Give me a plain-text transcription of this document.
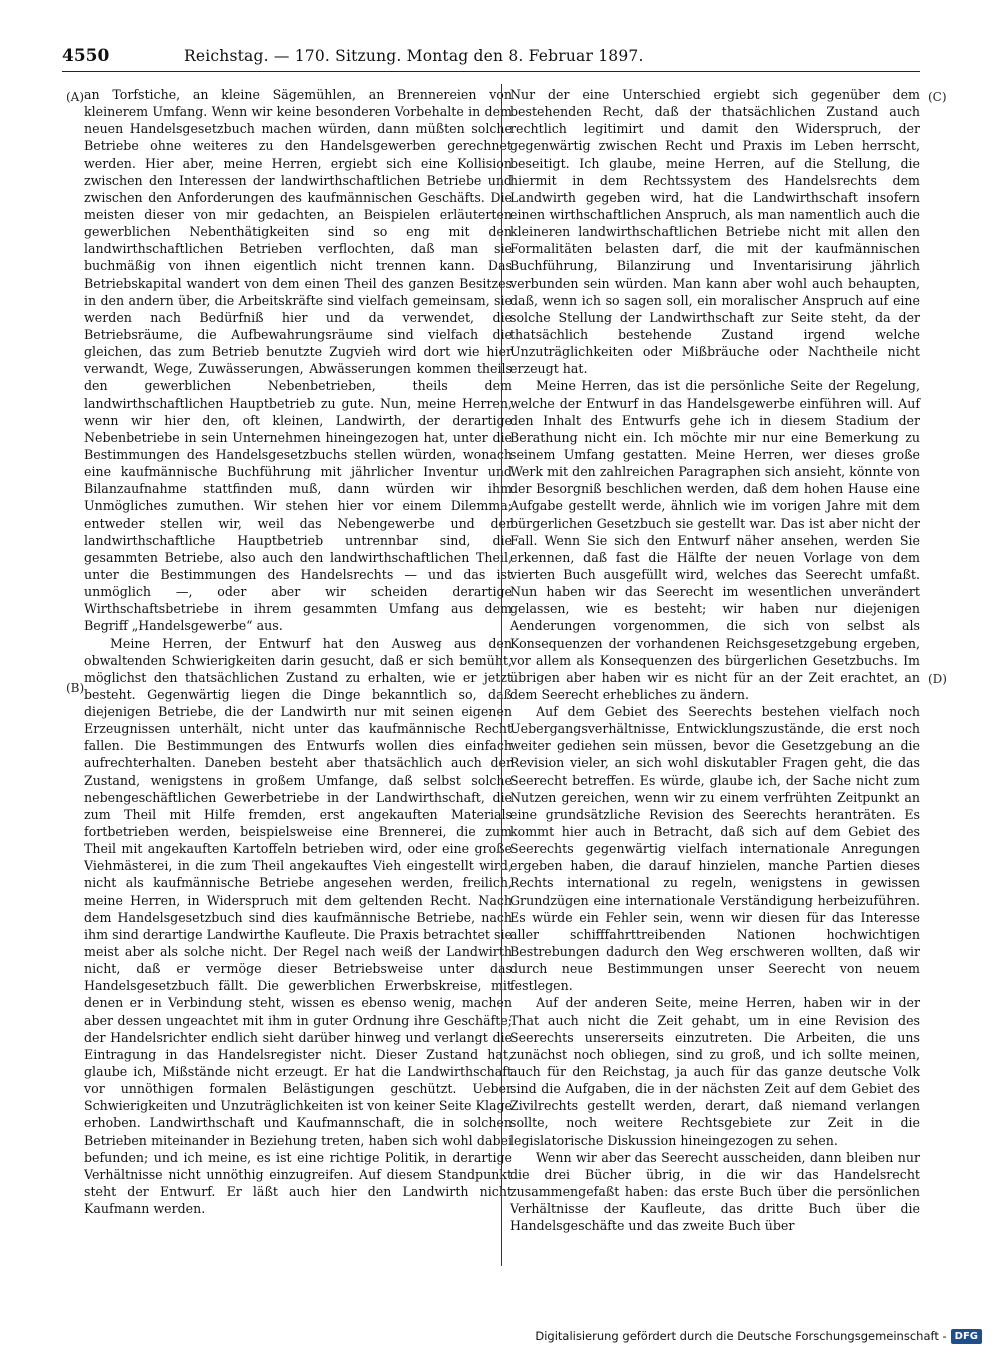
4550	Reichstag. — 170. Sitzung. Montag den 8. Februar 1897.
(A)
(B)
(C)
(D)

an Torfstiche, an kleine Sägemühlen, an Brennereien von kleinerem Umfang. Wenn wir keine besonderen Vorbehalte in dem neuen Handelsgesetzbuch machen würden, dann müßten solche Betriebe ohne weiteres zu den Handelsgewerben gerechnet werden. Hier aber, meine Herren, ergiebt sich eine Kollision zwischen den Interessen der landwirthschaftlichen Betriebe und zwischen den Anforderungen des kaufmännischen Geschäfts. Die meisten dieser von mir gedachten, an Beispielen erläuterten gewerblichen Nebenthätigkeiten sind so eng mit den landwirthschaftlichen Betrieben verflochten, daß man sie buchmäßig von ihnen eigentlich nicht trennen kann. Das Betriebskapital wandert von dem einen Theil des ganzen Besitzes in den andern über, die Arbeitskräfte sind vielfach gemeinsam, sie werden nach Bedürfniß hier und da verwendet, die Betriebsräume, die Aufbewahrungsräume sind vielfach die gleichen, das zum Betrieb benutzte Zugvieh wird dort wie hier verwandt, Wege, Zuwässerungen, Abwässerungen kommen theils den gewerblichen Nebenbetrieben, theils dem landwirthschaftlichen Hauptbetrieb zu gute. Nun, meine Herren, wenn wir hier den, oft kleinen, Landwirth, der derartige Nebenbetriebe in sein Unternehmen hineingezogen hat, unter die Bestimmungen des Handelsgesetzbuchs stellen würden, wonach eine kaufmännische Buchführung mit jährlicher Inventur und Bilanzaufnahme stattfinden muß, dann würden wir ihm Unmögliches zumuthen. Wir stehen hier vor einem Dilemma; entweder stellen wir, weil das Nebengewerbe und der landwirthschaftliche Hauptbetrieb untrennbar sind, die gesammten Betriebe, also auch den landwirthschaftlichen Theil, unter die Bestimmungen des Handelsrechts — und das ist unmöglich —, oder aber wir scheiden derartige Wirthschaftsbetriebe in ihrem gesammten Umfang aus dem Begriff „Handelsgewerbe“ aus.

Meine Herren, der Entwurf hat den Ausweg aus den obwaltenden Schwierigkeiten darin gesucht, daß er sich bemüht, möglichst den thatsächlichen Zustand zu erhalten, wie er jetzt besteht. Gegenwärtig liegen die Dinge bekanntlich so, daß diejenigen Betriebe, die der Landwirth nur mit seinen eigenen Erzeugnissen unterhält, nicht unter das kaufmännische Recht fallen. Die Bestimmungen des Entwurfs wollen dies einfach aufrechterhalten. Daneben besteht aber thatsächlich auch der Zustand, wenigstens in großem Umfange, daß selbst solche nebengeschäftlichen Gewerbetriebe in der Landwirthschaft, die zum Theil mit Hilfe fremden, erst angekauften Materials fortbetrieben werden, beispielsweise eine Brennerei, die zum Theil mit angekauften Kartoffeln betrieben wird, oder eine große Viehmästerei, in die zum Theil angekauftes Vieh eingestellt wird, nicht als kaufmännische Betriebe angesehen werden, freilich, meine Herren, in Widerspruch mit dem geltenden Recht. Nach dem Handelsgesetzbuch sind dies kaufmännische Betriebe, nach ihm sind derartige Landwirthe Kaufleute. Die Praxis betrachtet sie meist aber als solche nicht. Der Regel nach weiß der Landwirth nicht, daß er vermöge dieser Betriebsweise unter das Handelsgesetzbuch fällt. Die gewerblichen Erwerbskreise, mit denen er in Verbindung steht, wissen es ebenso wenig, machen aber dessen ungeachtet mit ihm in guter Ordnung ihre Geschäfte; der Handelsrichter endlich sieht darüber hinweg und verlangt die Eintragung in das Handelsregister nicht. Dieser Zustand hat, glaube ich, Mißstände nicht erzeugt. Er hat die Landwirthschaft vor unnöthigen formalen Belästigungen geschützt. Ueber Schwierigkeiten und Unzuträglichkeiten ist von keiner Seite Klage erhoben. Landwirthschaft und Kaufmannschaft, die in solchen Betrieben miteinander in Beziehung treten, haben sich wohl dabei befunden; und ich meine, es ist eine richtige Politik, in derartige Verhältnisse nicht unnöthig einzugreifen. Auf diesem Standpunkt steht der Entwurf. Er läßt auch hier den Landwirth nicht Kaufmann werden.

Nur der eine Unterschied ergiebt sich gegenüber dem bestehenden Recht, daß der thatsächlichen Zustand auch rechtlich legitimirt und damit den Widerspruch, der gegenwärtig zwischen Recht und Praxis im Leben herrscht, beseitigt. Ich glaube, meine Herren, auf die Stellung, die hiermit in dem Rechtssystem des Handelsrechts dem Landwirth gegeben wird, hat die Landwirthschaft insofern einen wirthschaftlichen Anspruch, als man namentlich auch die kleineren landwirthschaftlichen Betriebe nicht mit allen den Formalitäten belasten darf, die mit der kaufmännischen Buchführung, Bilanzirung und Inventarisirung jährlich verbunden sein würden. Man kann aber wohl auch behaupten, daß, wenn ich so sagen soll, ein moralischer Anspruch auf eine solche Stellung der Landwirthschaft zur Seite steht, da der thatsächlich bestehende Zustand irgend welche Unzuträglichkeiten oder Mißbräuche oder Nachtheile nicht erzeugt hat.

Meine Herren, das ist die persönliche Seite der Regelung, welche der Entwurf in das Handelsgewerbe einführen will. Auf den Inhalt des Entwurfs gehe ich in diesem Stadium der Berathung nicht ein. Ich möchte mir nur eine Bemerkung zu seinem Umfang gestatten. Meine Herren, wer dieses große Werk mit den zahlreichen Paragraphen sich ansieht, könnte von der Besorgniß beschlichen werden, daß dem hohen Hause eine Aufgabe gestellt werde, ähnlich wie im vorigen Jahre mit dem bürgerlichen Gesetzbuch sie gestellt war. Das ist aber nicht der Fall. Wenn Sie sich den Entwurf näher ansehen, werden Sie erkennen, daß fast die Hälfte der neuen Vorlage von dem vierten Buch ausgefüllt wird, welches das Seerecht umfaßt. Nun haben wir das Seerecht im wesentlichen unverändert gelassen, wie es besteht; wir haben nur diejenigen Aenderungen vorgenommen, die sich von selbst als Konsequenzen der vorhandenen Reichsgesetzgebung ergeben, vor allem als Konsequenzen des bürgerlichen Gesetzbuchs. Im übrigen aber haben wir es nicht für an der Zeit erachtet, an dem Seerecht erhebliches zu ändern.

Auf dem Gebiet des Seerechts bestehen vielfach noch Uebergangsverhältnisse, Entwicklungszustände, die erst noch weiter gediehen sein müssen, bevor die Gesetzgebung an die Revision vieler, an sich wohl diskutabler Fragen geht, die das Seerecht betreffen. Es würde, glaube ich, der Sache nicht zum Nutzen gereichen, wenn wir zu einem verfrühten Zeitpunkt an eine grundsätzliche Revision des Seerechts heranträten. Es kommt hier auch in Betracht, daß sich auf dem Gebiet des Seerechts gegenwärtig vielfach internationale Anregungen ergeben haben, die darauf hinzielen, manche Partien dieses Rechts international zu regeln, wenigstens in gewissen Grundzügen eine internationale Verständigung herbeizuführen. Es würde ein Fehler sein, wenn wir diesen für das Interesse aller schifffahrttreibenden Nationen hochwichtigen Bestrebungen dadurch den Weg erschweren wollten, daß wir durch neue Bestimmungen unser Seerecht von neuem festlegen.

Auf der anderen Seite, meine Herren, haben wir in der That auch nicht die Zeit gehabt, um in eine Revision des Seerechts unsererseits einzutreten. Die Arbeiten, die uns zunächst noch obliegen, sind zu groß, und ich sollte meinen, auch für den Reichstag, ja auch für das ganze deutsche Volk sind die Aufgaben, die in der nächsten Zeit auf dem Gebiet des Zivilrechts gestellt werden, derart, daß niemand verlangen sollte, noch weitere Rechtsgebiete zur Zeit in die legislatorische Diskussion hineingezogen zu sehen.

Wenn wir aber das Seerecht ausscheiden, dann bleiben nur die drei Bücher übrig, in die wir das Handelsrecht zusammengefaßt haben: das erste Buch über die persönlichen Verhältnisse der Kaufleute, das dritte Buch über die Handelsgeschäfte und das zweite Buch über

Digitalisierung gefördert durch die Deutsche Forschungsgemeinschaft - DFG
